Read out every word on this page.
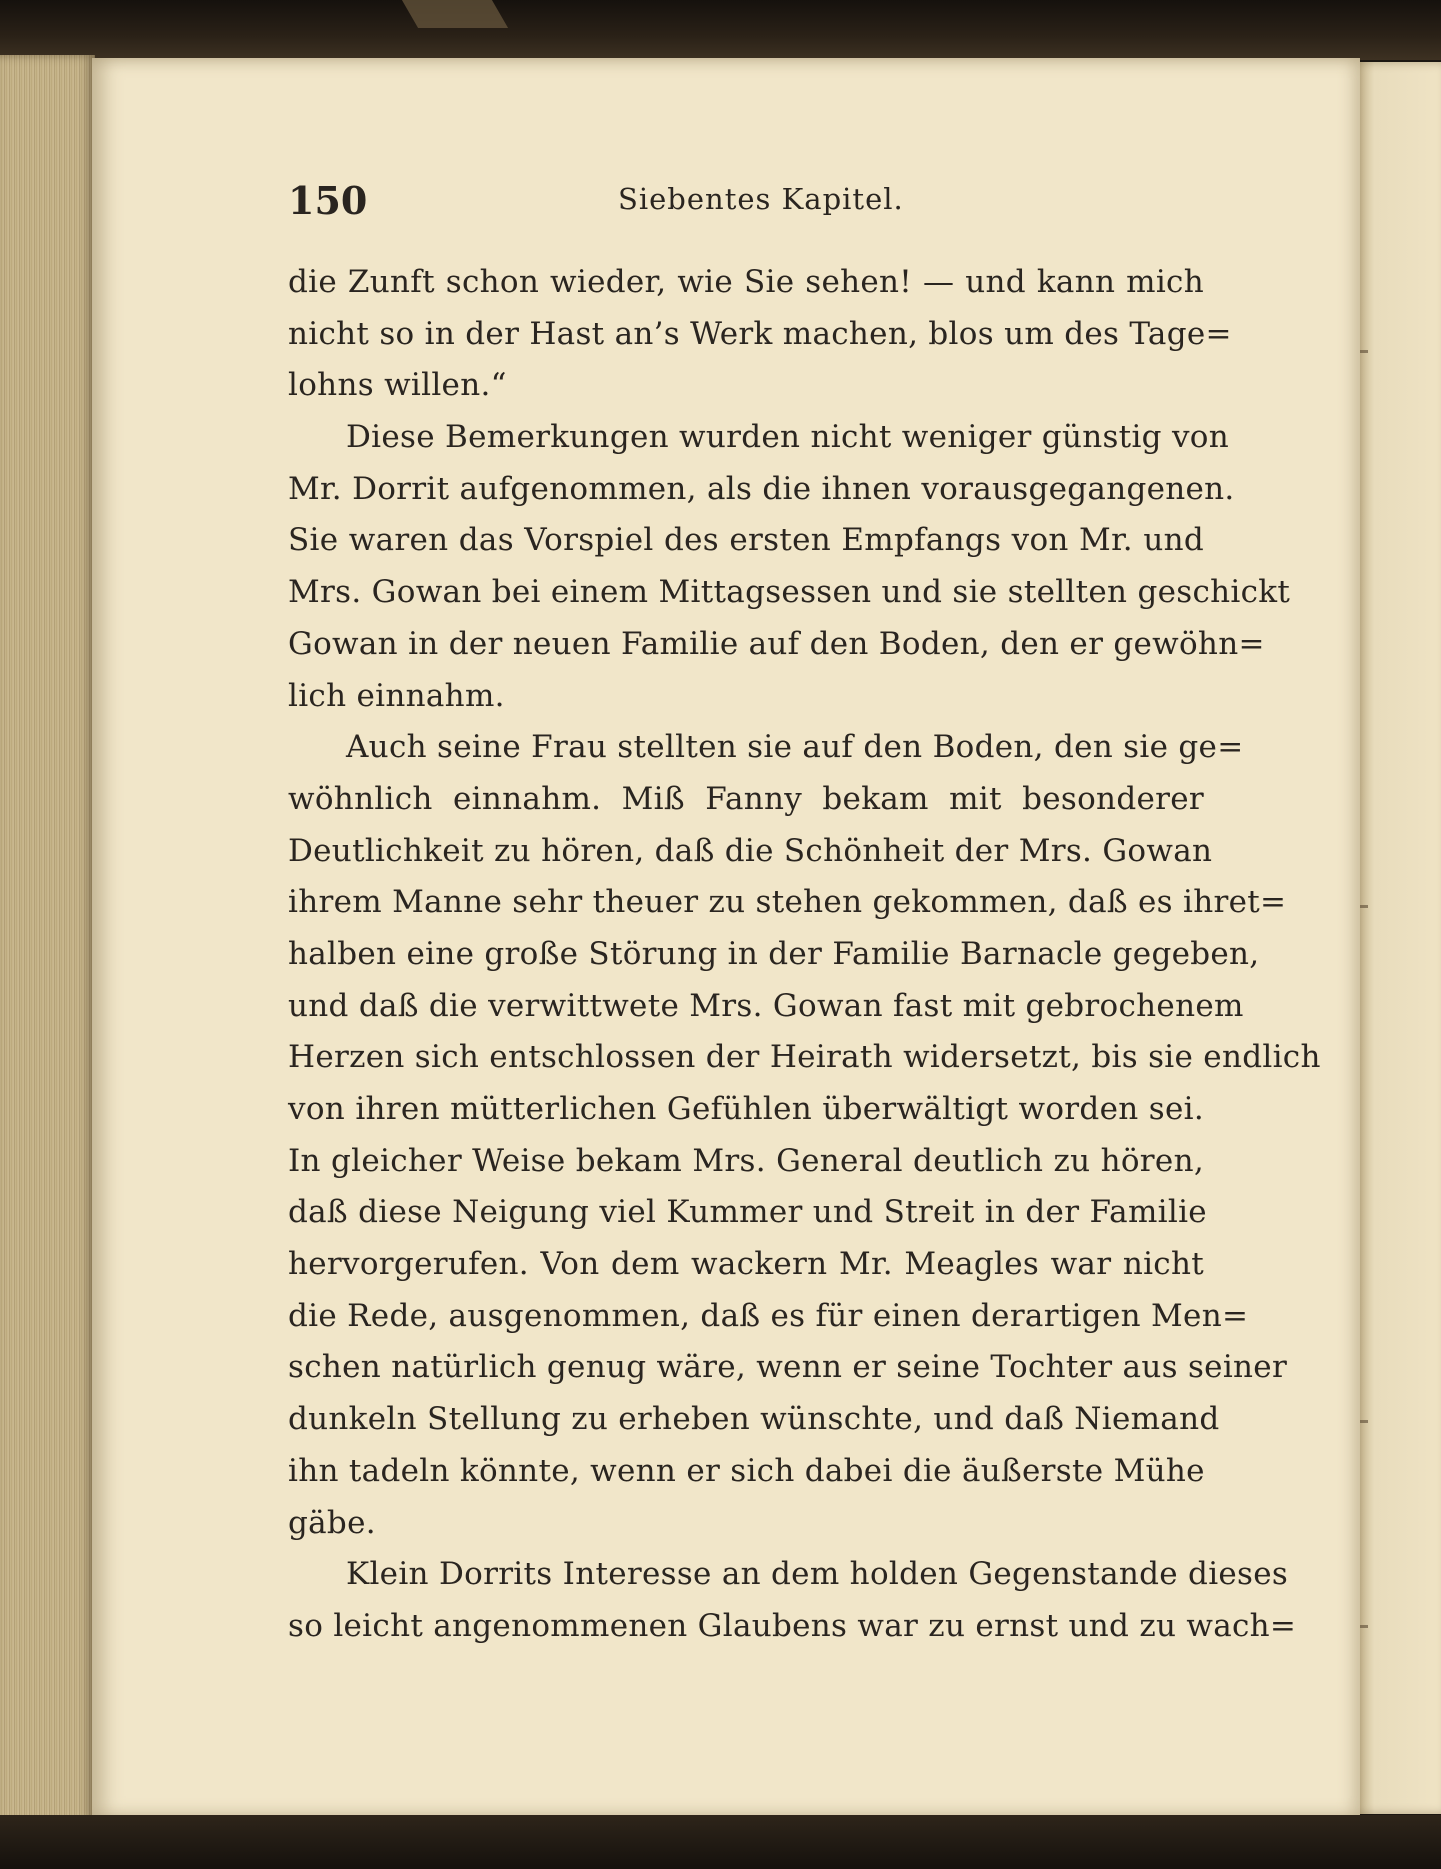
150	Siebentes Kapitel.
die Zunft schon wieder, wie Sie sehen! — und kann mich
nicht so in der Hast an’s Werk machen, blos um des Tage=
lohns willen.“
Diese Bemerkungen wurden nicht weniger günstig von
Mr. Dorrit aufgenommen, als die ihnen vorausgegangenen.
Sie waren das Vorspiel des ersten Empfangs von Mr. und
Mrs. Gowan bei einem Mittagsessen und sie stellten geschickt
Gowan in der neuen Familie auf den Boden, den er gewöhn=
lich einnahm.
Auch seine Frau stellten sie auf den Boden, den sie ge=
wöhnlich einnahm. Miß Fanny bekam mit besonderer
Deutlichkeit zu hören, daß die Schönheit der Mrs. Gowan
ihrem Manne sehr theuer zu stehen gekommen, daß es ihret=
halben eine große Störung in der Familie Barnacle gegeben,
und daß die verwittwete Mrs. Gowan fast mit gebrochenem
Herzen sich entschlossen der Heirath widersetzt, bis sie endlich
von ihren mütterlichen Gefühlen überwältigt worden sei.
In gleicher Weise bekam Mrs. General deutlich zu hören,
daß diese Neigung viel Kummer und Streit in der Familie
hervorgerufen. Von dem wackern Mr. Meagles war nicht
die Rede, ausgenommen, daß es für einen derartigen Men=
schen natürlich genug wäre, wenn er seine Tochter aus seiner
dunkeln Stellung zu erheben wünschte, und daß Niemand
ihn tadeln könnte, wenn er sich dabei die äußerste Mühe
gäbe.
Klein Dorrits Interesse an dem holden Gegenstande dieses
so leicht angenommenen Glaubens war zu ernst und zu wach=
